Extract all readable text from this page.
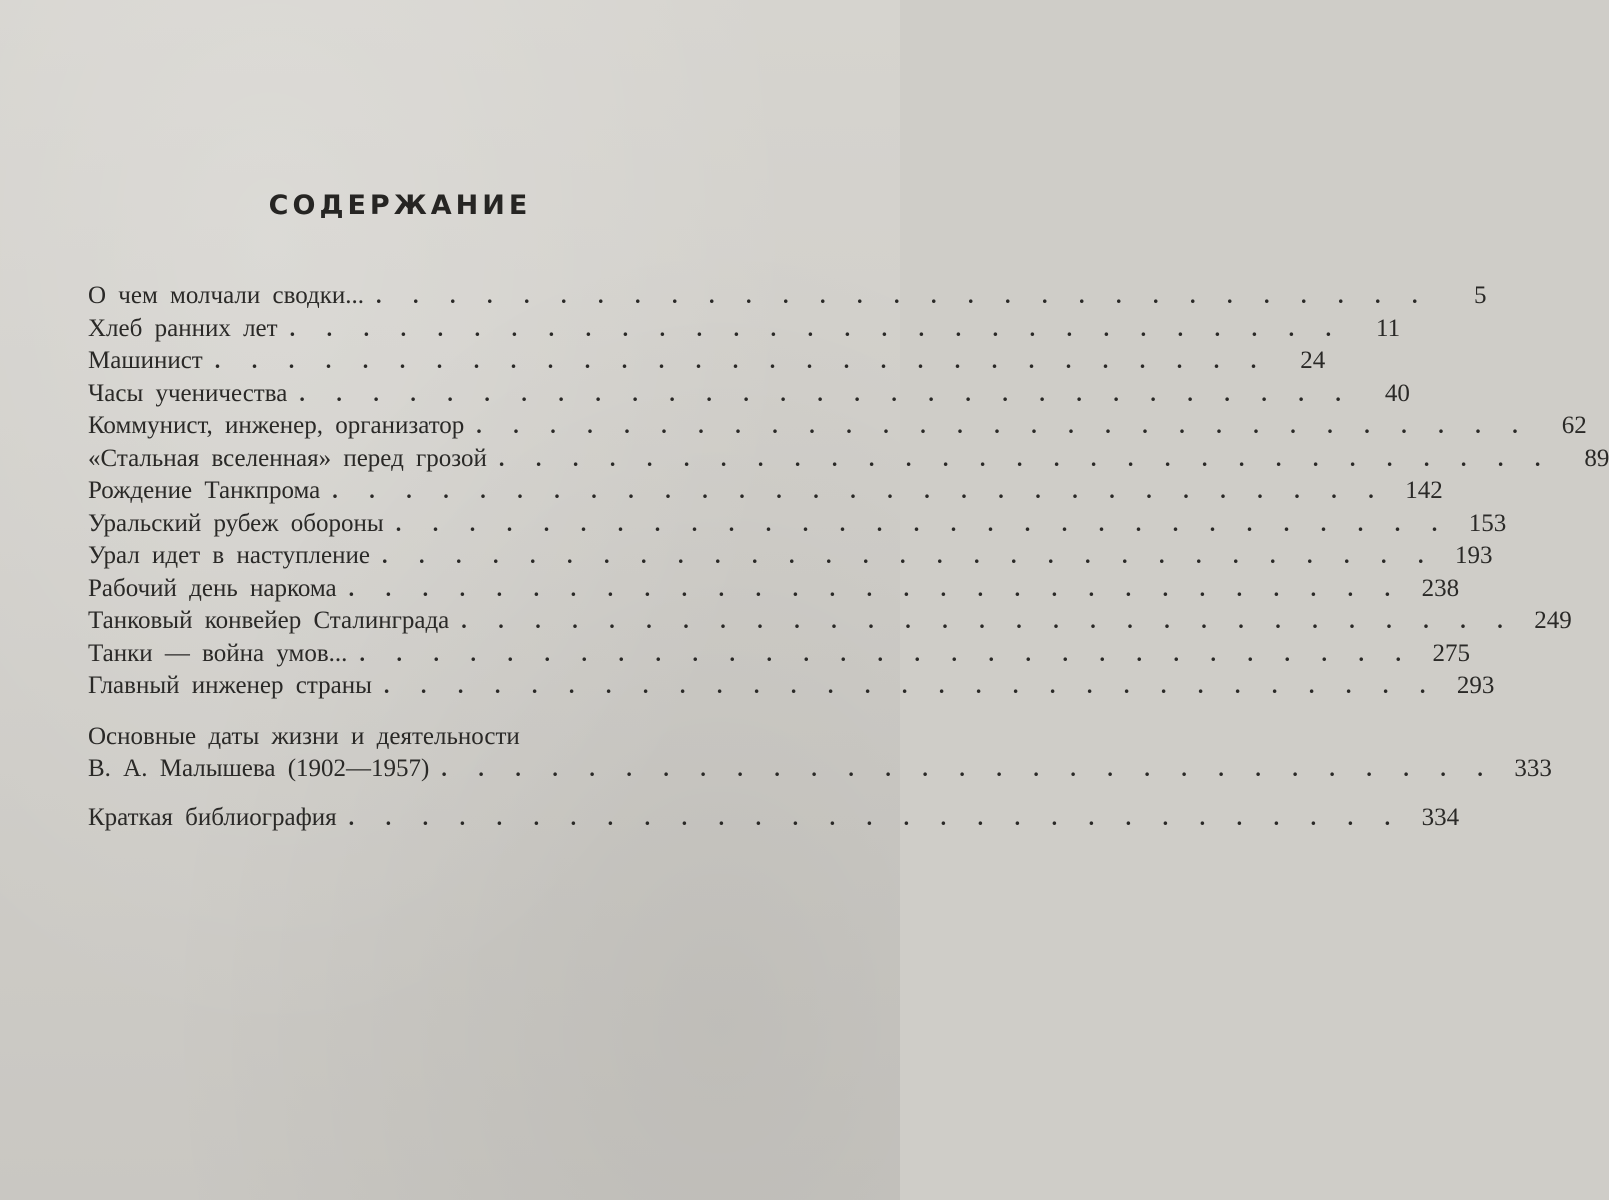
СОДЕРЖАНИЕ
О чем молчали сводки... . . . . . . . . . . . . . . . . . . . . . . . . . . . . .	5
Хлеб ранних лет . . . . . . . . . . . . . . . . . . . . . . . . . . . . .	11
Машинист . . . . . . . . . . . . . . . . . . . . . . . . . . . . .	24
Часы ученичества . . . . . . . . . . . . . . . . . . . . . . . . . . . . .	40
Коммунист, инженер, организатор . . . . . . . . . . . . . . . . . . . . . . . . . . . . .	62
«Стальная вселенная» перед грозой . . . . . . . . . . . . . . . . . . . . . . . . . . . . .	89
Рождение Танкпрома . . . . . . . . . . . . . . . . . . . . . . . . . . . . . 142
Уральский рубеж обороны . . . . . . . . . . . . . . . . . . . . . . . . . . . . . 153
Урал идет в наступление . . . . . . . . . . . . . . . . . . . . . . . . . . . . . 193
Рабочий день наркома . . . . . . . . . . . . . . . . . . . . . . . . . . . . . 238
Танковый конвейер Сталинграда . . . . . . . . . . . . . . . . . . . . . . . . . . . . . 249
Танки — война умов... . . . . . . . . . . . . . . . . . . . . . . . . . . . . . 275
Главный инженер страны . . . . . . . . . . . . . . . . . . . . . . . . . . . . . 293
Основные даты жизни и деятельности
В. А. Малышева (1902—1957) . . . . . . . . . . . . . . . . . . . . . . . . . . . . . 333
Краткая библиография . . . . . . . . . . . . . . . . . . . . . . . . . . . . . 334
